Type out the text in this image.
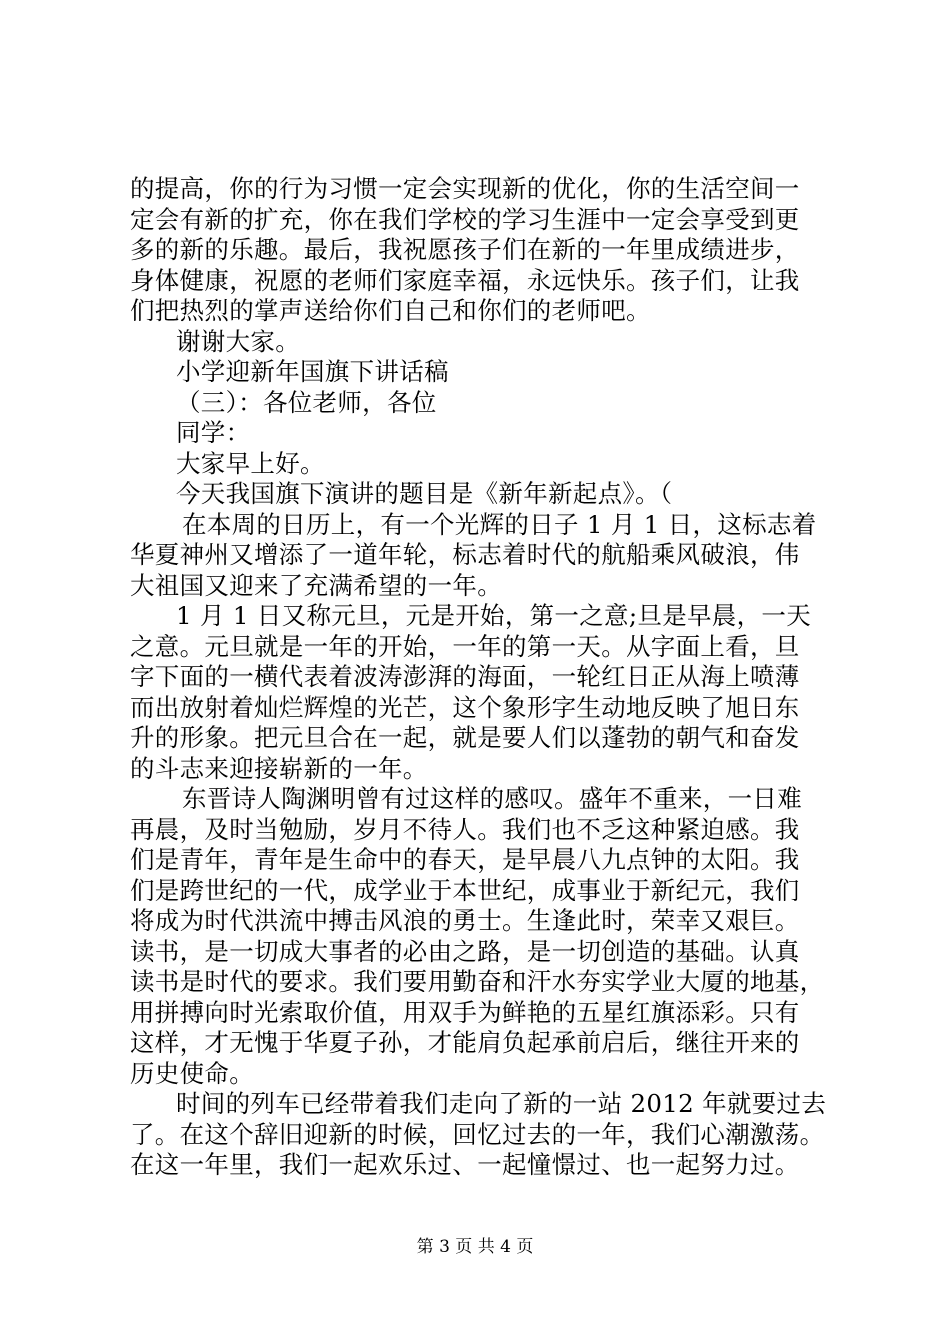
的提高，你的行为习惯一定会实现新的优化，你的生活空间一
定会有新的扩充，你在我们学校的学习生涯中一定会享受到更
多的新的乐趣。最后，我祝愿孩子们在新的一年里成绩进步，
身体健康，祝愿的老师们家庭幸福，永远快乐。孩子们，让我
们把热烈的掌声送给你们自己和你们的老师吧。
谢谢大家。
小学迎新年国旗下讲话稿
（三）：各位老师，各位
同学：
大家早上好。
今天我国旗下演讲的题目是《新年新起点》。（
在本周的日历上，有一个光辉的日子 1 月 1 日，这标志着
华夏神州又增添了一道年轮，标志着时代的航船乘风破浪，伟
大祖国又迎来了充满希望的一年。
1 月 1 日又称元旦，元是开始，第一之意;旦是早晨，一天
之意。元旦就是一年的开始，一年的第一天。从字面上看，旦
字下面的一横代表着波涛澎湃的海面，一轮红日正从海上喷薄
而出放射着灿烂辉煌的光芒，这个象形字生动地反映了旭日东
升的形象。把元旦合在一起，就是要人们以蓬勃的朝气和奋发
的斗志来迎接崭新的一年。
东晋诗人陶渊明曾有过这样的感叹。盛年不重来，一日难
再晨，及时当勉励，岁月不待人。我们也不乏这种紧迫感。我
们是青年，青年是生命中的春天，是早晨八九点钟的太阳。我
们是跨世纪的一代，成学业于本世纪，成事业于新纪元，我们
将成为时代洪流中搏击风浪的勇士。生逢此时，荣幸又艰巨。
读书，是一切成大事者的必由之路，是一切创造的基础。认真
读书是时代的要求。我们要用勤奋和汗水夯实学业大厦的地基，
用拼搏向时光索取价值，用双手为鲜艳的五星红旗添彩。只有
这样，才无愧于华夏子孙，才能肩负起承前启后，继往开来的
历史使命。
时间的列车已经带着我们走向了新的一站 2012 年就要过去
了。在这个辞旧迎新的时候，回忆过去的一年，我们心潮激荡。
在这一年里，我们一起欢乐过、一起憧憬过、也一起努力过。
第 3 页 共 4 页
